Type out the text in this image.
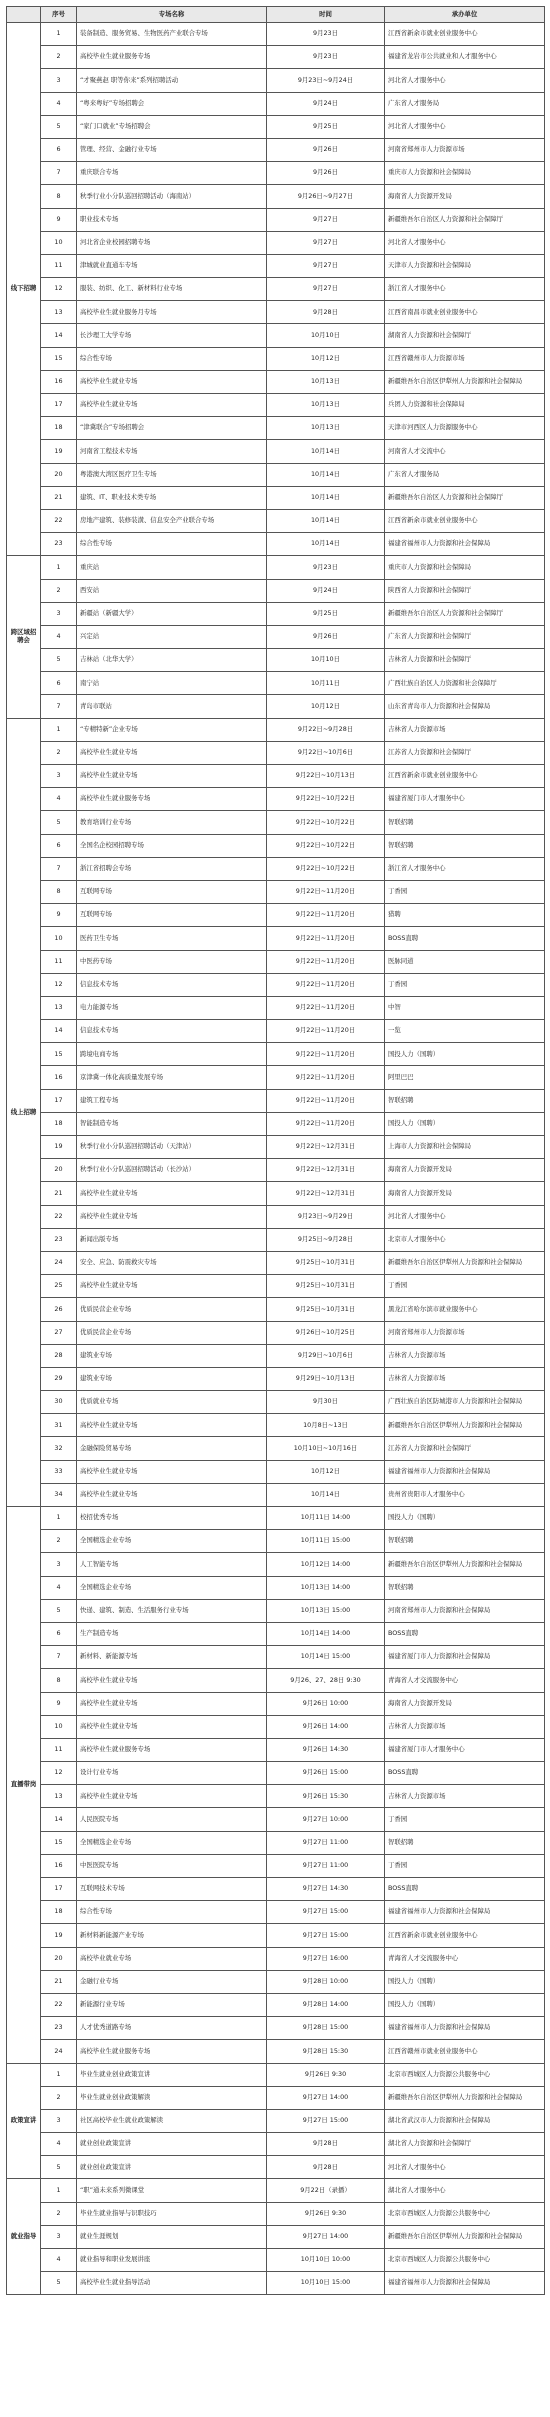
	序号	专场名称	时间	承办单位
线下招聘	1	装备制造、服务贸易、生物医药产业联合专场	9月23日	江西省新余市就业创业服务中心
	2	高校毕业生就业服务专场	9月23日	福建省龙岩市公共就业和人才服务中心
	3	“才聚燕赵 职等你来”系列招聘活动	9月23日~9月24日	河北省人才服务中心
	4	“粤来粤好”专场招聘会	9月24日	广东省人才服务局
	5	“家门口就业”专场招聘会	9月25日	河北省人才服务中心
	6	管理、经营、金融行业专场	9月26日	河南省郑州市人力资源市场
	7	重庆联合专场	9月26日	重庆市人力资源和社会保障局
	8	秋季行业小分队巡回招聘活动（海南站）	9月26日~9月27日	海南省人力资源开发局
	9	职业技术专场	9月27日	新疆维吾尔自治区人力资源和社会保障厅
	10	河北省企业校园招聘专场	9月27日	河北省人才服务中心
	11	津城就业直通车专场	9月27日	天津市人力资源和社会保障局
	12	服装、纺织、化工、新材料行业专场	9月27日	浙江省人才服务中心
	13	高校毕业生就业服务月专场	9月28日	江西省南昌市就业创业服务中心
	14	长沙理工大学专场	10月10日	湖南省人力资源和社会保障厅
	15	综合性专场	10月12日	江西省赣州市人力资源市场
	16	高校毕业生就业专场	10月13日	新疆维吾尔自治区伊犁州人力资源和社会保障局
	17	高校毕业生就业专场	10月13日	兵团人力资源和社会保障局
	18	“津冀联合”专场招聘会	10月13日	天津市河西区人力资源服务中心
	19	河南省工程技术专场	10月14日	河南省人才交流中心
	20	粤港澳大湾区医疗卫生专场	10月14日	广东省人才服务局
	21	建筑、IT、职业技术类专场	10月14日	新疆维吾尔自治区人力资源和社会保障厅
	22	房地产建筑、装修装潢、信息安全产业联合专场	10月14日	江西省新余市就业创业服务中心
	23	综合性专场	10月14日	福建省福州市人力资源和社会保障局
跨区域招聘会	1	重庆站	9月23日	重庆市人力资源和社会保障局
	2	西安站	9月24日	陕西省人力资源和社会保障厅
	3	新疆站（新疆大学）	9月25日	新疆维吾尔自治区人力资源和社会保障厅
	4	兴定站	9月26日	广东省人力资源和社会保障厅
	5	吉林站（北华大学）	10月10日	吉林省人力资源和社会保障厅
	6	南宁站	10月11日	广西壮族自治区人力资源和社会保障厅
	7	青岛市联站	10月12日	山东省青岛市人力资源和社会保障局
线上招聘	1	“专精特新”企业专场	9月22日~9月28日	吉林省人力资源市场
	2	高校毕业生就业专场	9月22日~10月6日	江苏省人力资源和社会保障厅
	3	高校毕业生就业专场	9月22日~10月13日	江西省新余市就业创业服务中心
	4	高校毕业生就业服务专场	9月22日~10月22日	福建省厦门市人才服务中心
	5	教育培训行业专场	9月22日~10月22日	智联招聘
	6	全国名企校园招聘专场	9月22日~10月22日	智联招聘
	7	浙江省招聘会专场	9月22日~10月22日	浙江省人才服务中心
	8	互联网专场	9月22日~11月20日	丁香园
	9	互联网专场	9月22日~11月20日	猎聘
	10	医药卫生专场	9月22日~11月20日	BOSS直聘
	11	中医药专场	9月22日~11月20日	医脉同道
	12	信息技术专场	9月22日~11月20日	丁香园
	13	电力能源专场	9月22日~11月20日	中智
	14	信息技术专场	9月22日~11月20日	一览
	15	跨境电商专场	9月22日~11月20日	国投人力（国聘）
	16	京津冀一体化高质量发展专场	9月22日~11月20日	阿里巴巴
	17	建筑工程专场	9月22日~11月20日	智联招聘
	18	智能制造专场	9月22日~11月20日	国投人力（国聘）
	19	秋季行业小分队巡回招聘活动（天津站）	9月22日~12月31日	上海市人力资源和社会保障局
	20	秋季行业小分队巡回招聘活动（长沙站）	9月22日~12月31日	海南省人力资源开发局
	21	高校毕业生就业专场	9月22日~12月31日	海南省人力资源开发局
	22	高校毕业生就业专场	9月23日~9月29日	河北省人才服务中心
	23	新闻出版专场	9月25日~9月28日	北京市人才服务中心
	24	安全、应急、防震救灾专场	9月25日~10月31日	新疆维吾尔自治区伊犁州人力资源和社会保障局
	25	高校毕业生就业专场	9月25日~10月31日	丁香园
	26	优质民营企业专场	9月25日~10月31日	黑龙江省哈尔滨市就业服务中心
	27	优质民营企业专场	9月26日~10月25日	河南省郑州市人力资源市场
	28	建筑业专场	9月29日~10月6日	吉林省人力资源市场
	29	建筑业专场	9月29日~10月13日	吉林省人力资源市场
	30	优质就业专场	9月30日	广西壮族自治区防城港市人力资源和社会保障局
	31	高校毕业生就业专场	10月8日~13日	新疆维吾尔自治区伊犁州人力资源和社会保障局
	32	金融保险贸易专场	10月10日~10月16日	江苏省人力资源和社会保障厅
	33	高校毕业生就业专场	10月12日	福建省福州市人力资源和社会保障局
	34	高校毕业生就业专场	10月14日	贵州省贵阳市人才服务中心
直播带岗	1	校招优秀专场	10月11日 14:00	国投人力（国聘）
	2	全国精选企业专场	10月11日 15:00	智联招聘
	3	人工智能专场	10月12日 14:00	新疆维吾尔自治区伊犁州人力资源和社会保障局
	4	全国精选企业专场	10月13日 14:00	智联招聘
	5	快递、建筑、制造、生活服务行业专场	10月13日 15:00	河南省郑州市人力资源和社会保障局
	6	生产制造专场	10月14日 14:00	BOSS直聘
	7	新材料、新能源专场	10月14日 15:00	福建省厦门市人力资源和社会保障局
	8	高校毕业生就业专场	9月26、27、28日 9:30	青海省人才交流服务中心
	9	高校毕业生就业专场	9月26日 10:00	海南省人力资源开发局
	10	高校毕业生就业专场	9月26日 14:00	吉林省人力资源市场
	11	高校毕业生就业服务专场	9月26日 14:30	福建省厦门市人才服务中心
	12	设计行业专场	9月26日 15:00	BOSS直聘
	13	高校毕业生就业专场	9月26日 15:30	吉林省人力资源市场
	14	人民医院专场	9月27日 10:00	丁香园
	15	全国精选企业专场	9月27日 11:00	智联招聘
	16	中医医院专场	9月27日 11:00	丁香园
	17	互联网技术专场	9月27日 14:30	BOSS直聘
	18	综合性专场	9月27日 15:00	福建省福州市人力资源和社会保障局
	19	新材料新能源产业专场	9月27日 15:00	江西省新余市就业创业服务中心
	20	高校毕业就业专场	9月27日 16:00	青海省人才交流服务中心
	21	金融行业专场	9月28日 10:00	国投人力（国聘）
	22	新能源行业专场	9月28日 14:00	国投人力（国聘）
	23	人才优秀道路专场	9月28日 15:00	福建省福州市人力资源和社会保障局
	24	高校毕业生就业服务专场	9月28日 15:30	江西省赣州市就业创业服务中心
政策宣讲	1	毕业生就业创业政策宣讲	9月26日 9:30	北京市西城区人力资源公共服务中心
	2	毕业生就业创业政策解读	9月27日 14:00	新疆维吾尔自治区伊犁州人力资源和社会保障局
	3	社区高校毕业生就业政策解读	9月27日 15:00	湖北省武汉市人力资源和社会保障局
	4	就业创业政策宣讲	9月28日	湖北省人力资源和社会保障厅
	5	就业创业政策宣讲	9月28日	河北省人才服务中心
就业指导	1	“职”通未来系列微课堂	9月22日（录播）	湖北省人才服务中心
	2	毕业生就业指导与识职技巧	9月26日 9:30	北京市西城区人力资源公共服务中心
	3	就业生涯规划	9月27日 14:00	新疆维吾尔自治区伊犁州人力资源和社会保障局
	4	就业指导和职业发展讲座	10月10日 10:00	北京市西城区人力资源公共服务中心
	5	高校毕业生就业指导活动	10月10日 15:00	福建省福州市人力资源和社会保障局
